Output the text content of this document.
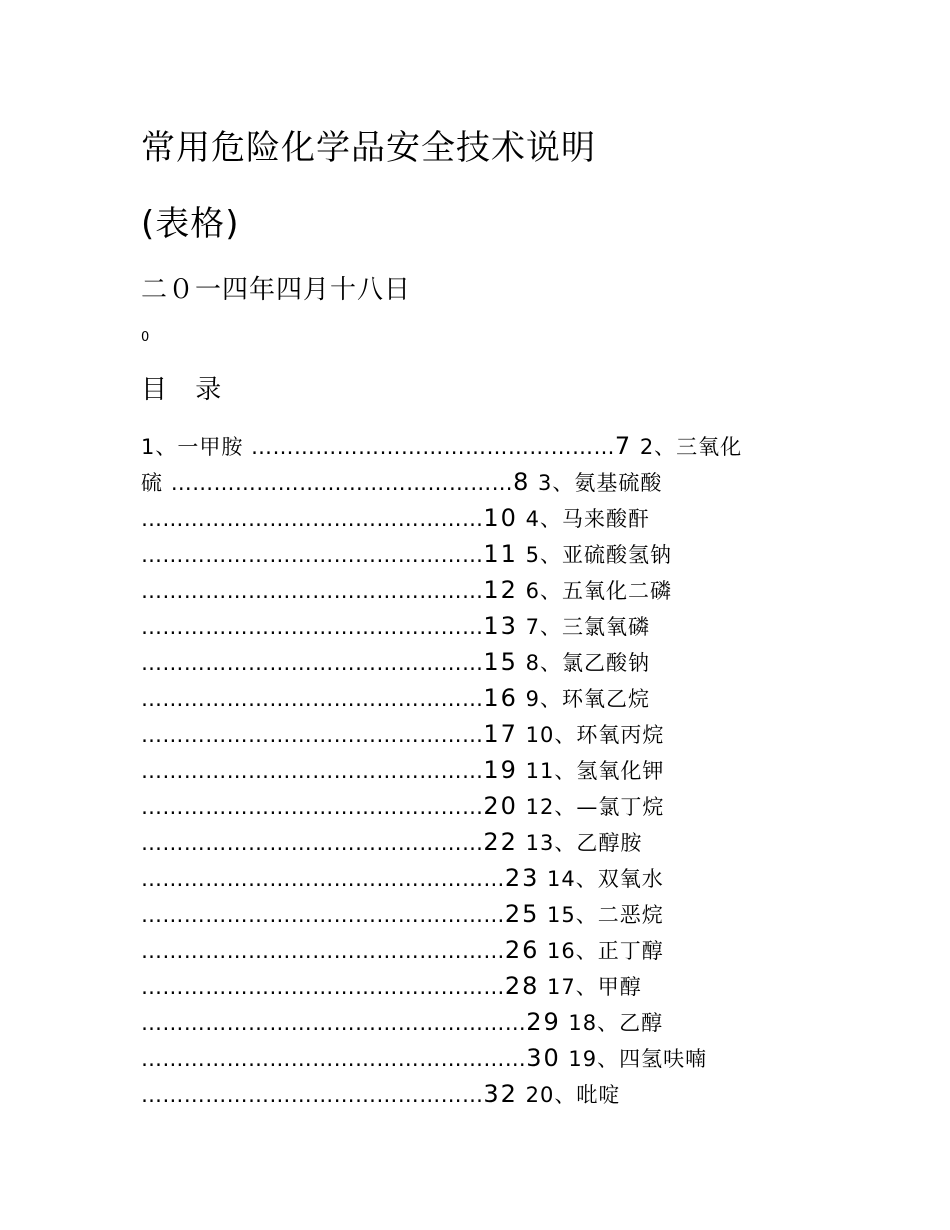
常用危险化学品安全技术说明
(表格)
二０一四年四月十八日
0
目 录
1、一甲胺 ……………………………………………7 2、三氧化
硫 …………………………………………8 3、氨基硫酸
…………………………………………10 4、马来酸酐
…………………………………………11 5、亚硫酸氢钠
…………………………………………12 6、五氧化二磷
…………………………………………13 7、三氯氧磷
…………………………………………15 8、氯乙酸钠
…………………………………………16 9、环氧乙烷
…………………………………………17 10、环氧丙烷
…………………………………………19 11、氢氧化钾
…………………………………………20 12、—氯丁烷
…………………………………………22 13、乙醇胺
……………………………………………23 14、双氧水
……………………………………………25 15、二恶烷
……………………………………………26 16、正丁醇
……………………………………………28 17、甲醇
………………………………………………29 18、乙醇
………………………………………………30 19、四氢呋喃
…………………………………………32 20、吡啶
